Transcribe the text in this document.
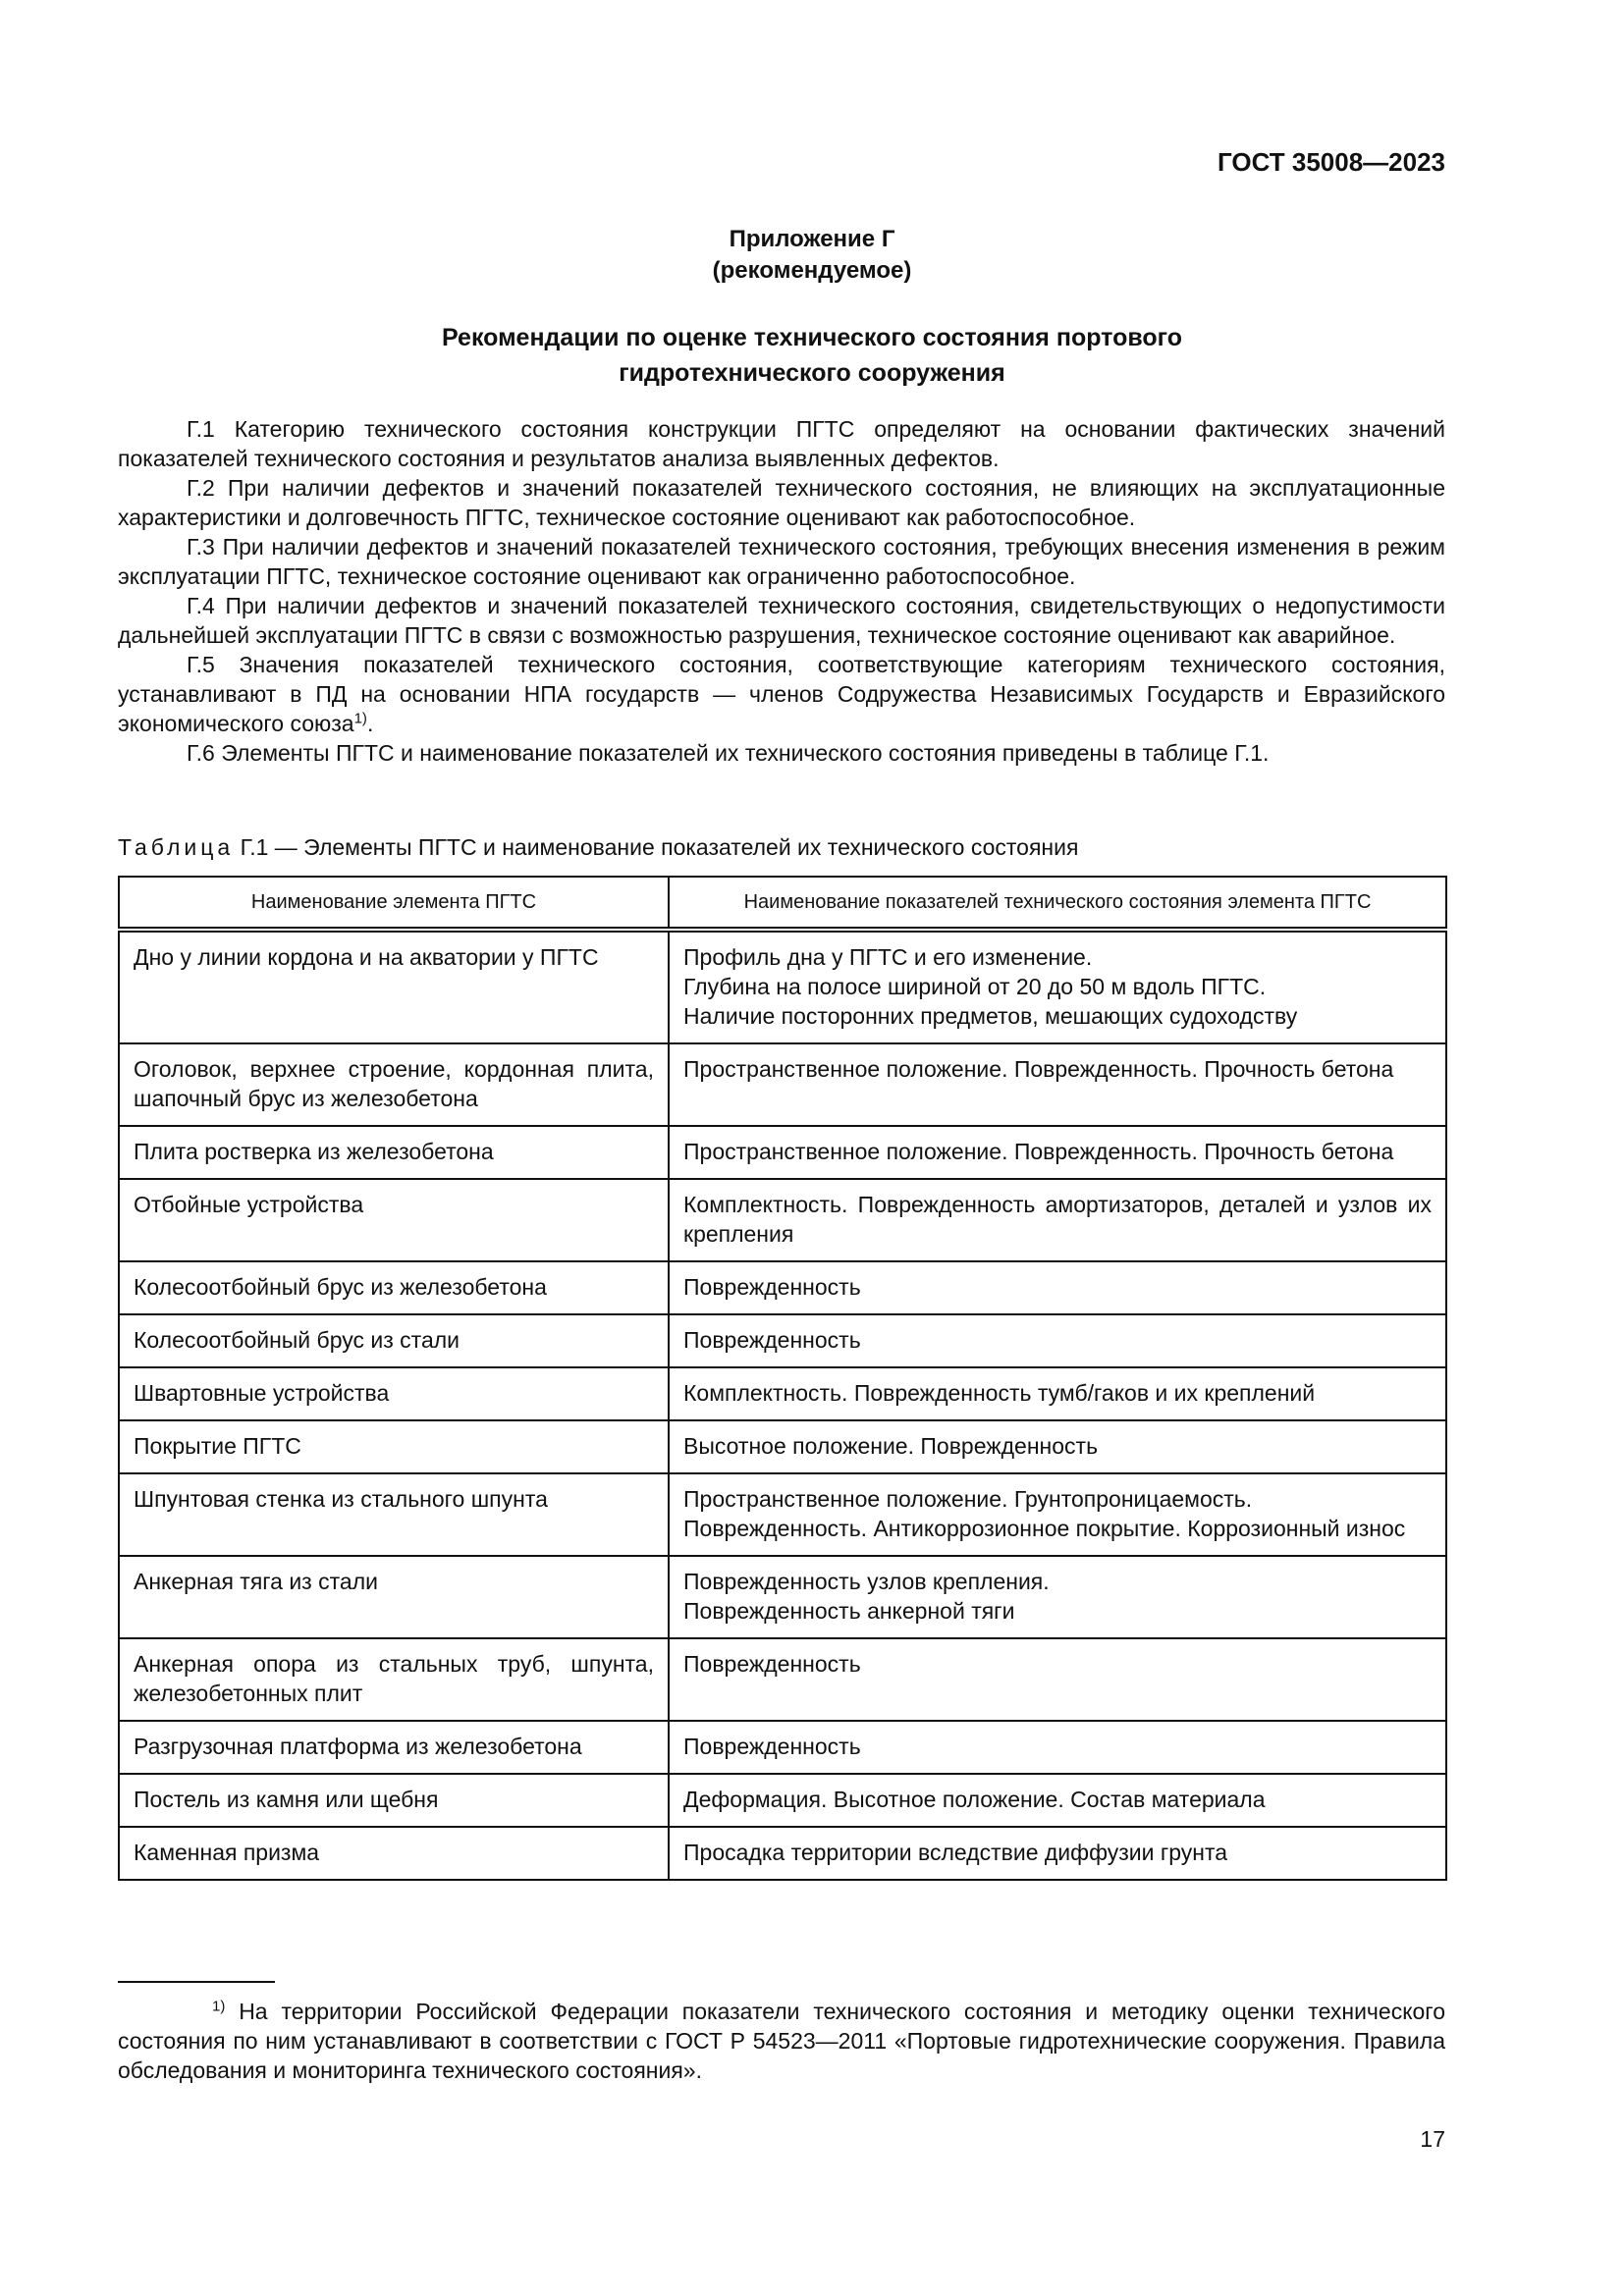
ГОСТ 35008—2023

Приложение Г
(рекомендуемое)
Рекомендации по оценке технического состояния портового
гидротехнического сооружения

Г.1 Категорию технического состояния конструкции ПГТС определяют на основании фактических значений показателей технического состояния и результатов анализа выявленных дефектов.

Г.2 При наличии дефектов и значений показателей технического состояния, не влияющих на эксплуатационные характеристики и долговечность ПГТС, техническое состояние оценивают как работоспособное.

Г.3 При наличии дефектов и значений показателей технического состояния, требующих внесения изменения в режим эксплуатации ПГТС, техническое состояние оценивают как ограниченно работоспособное.

Г.4 При наличии дефектов и значений показателей технического состояния, свидетельствующих о недопустимости дальнейшей эксплуатации ПГТС в связи с возможностью разрушения, техническое состояние оценивают как аварийное.

Г.5 Значения показателей технического состояния, соответствующие категориям технического состояния, устанавливают в ПД на основании НПА государств — членов Содружества Независимых Государств и Евразийского экономического союза$^{1)}$.

Г.6 Элементы ПГТС и наименование показателей их технического состояния приведены в таблице Г.1.

Таблица Г.1 — Элементы ПГТС и наименование показателей их технического состояния
Наименование элемента ПГТС	Наименование показателей технического состояния элемента ПГТС

Дно у линии кордона и на акватории у ПГТС	Профиль дна у ПГТС и его изменение.
Глубина на полосе шириной от 20 до 50 м вдоль ПГТС.
Наличие посторонних предметов, мешающих судоходству

Оголовок, верхнее строение, кордонная плита, шапочный брус из железобетона	Пространственное положение. Поврежденность. Прочность бетона

Плита ростверка из железобетона	Пространственное положение. Поврежденность. Прочность бетона

Отбойные устройства	Комплектность. Поврежденность амортизаторов, деталей и узлов их крепления

Колесоотбойный брус из железобетона	Поврежденность

Колесоотбойный брус из стали	Поврежденность

Швартовные устройства	Комплектность. Поврежденность тумб/гаков и их креплений

Покрытие ПГТС	Высотное положение. Поврежденность

Шпунтовая стенка из стального шпунта	Пространственное положение. Грунтопроницаемость.
Поврежденность. Антикоррозионное покрытие. Коррозионный износ

Анкерная тяга из стали	Поврежденность узлов крепления.
Поврежденность анкерной тяги

Анкерная опора из стальных труб, шпунта, железобетонных плит	Поврежденность

Разгрузочная платформа из железобетона	Поврежденность

Постель из камня или щебня	Деформация. Высотное положение. Состав материала

Каменная призма	Просадка территории вследствие диффузии грунта

$^{1)}$ На территории Российской Федерации показатели технического состояния и методику оценки технического состояния по ним устанавливают в соответствии с ГОСТ Р 54523—2011 «Портовые гидротехнические сооружения. Правила обследования и мониторинга технического состояния».

17
